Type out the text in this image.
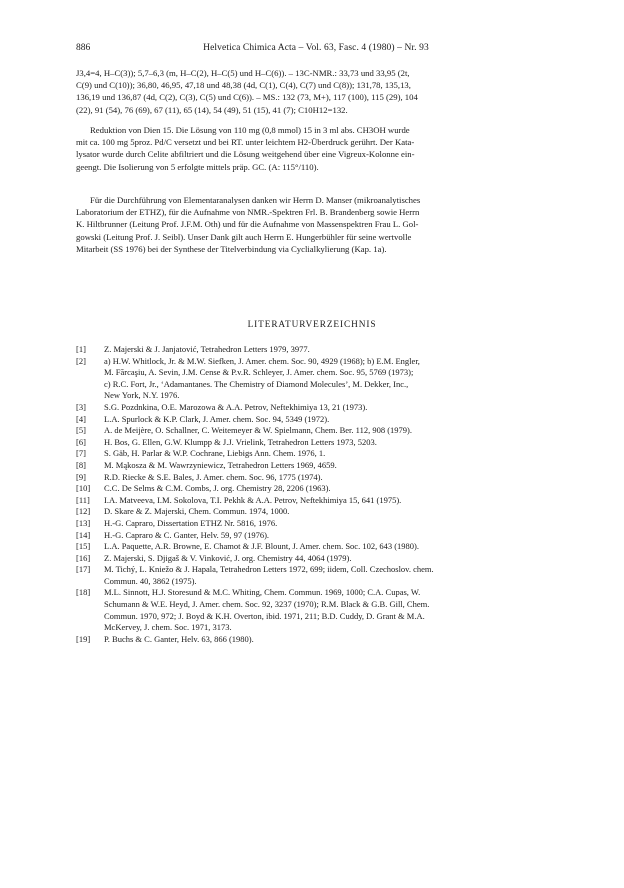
886	Helvetica Chimica Acta – Vol. 63, Fasc. 4 (1980) – Nr. 93
J3,4=4, H–C(3)); 5,7–6,3 (m, H–C(2), H–C(5) und H–C(6)). – 13C-NMR.: 33,73 und 33,95 (2t,
C(9) und C(10)); 36,80, 46,95, 47,18 und 48,38 (4d, C(1), C(4), C(7) und C(8)); 131,78, 135,13,
136,19 und 136,87 (4d, C(2), C(3), C(5) und C(6)). – MS.: 132 (73, M+), 117 (100), 115 (29), 104
(22), 91 (54), 76 (69), 67 (11), 65 (14), 54 (49), 51 (15), 41 (7); C10H12=132.
Reduktion von Dien 15. Die Lösung von 110 mg (0,8 mmol) 15 in 3 ml abs. CH3OH wurde
mit ca. 100 mg 5proz. Pd/C versetzt und bei RT. unter leichtem H2-Überdruck gerührt. Der Kata-
lysator wurde durch Celite abfiltriert und die Lösung weitgehend über eine Vigreux-Kolonne ein-
geengt. Die Isolierung von 5 erfolgte mittels präp. GC. (A: 115°/110).
Für die Durchführung von Elementaranalysen danken wir Herrn D. Manser (mikroanalytisches
Laboratorium der ETHZ), für die Aufnahme von NMR.-Spektren Frl. B. Brandenberg sowie Herrn
K. Hiltbrunner (Leitung Prof. J.F.M. Oth) und für die Aufnahme von Massenspektren Frau L. Gol-
gowski (Leitung Prof. J. Seibl). Unser Dank gilt auch Herrn E. Hungerbühler für seine wertvolle
Mitarbeit (SS 1976) bei der Synthese der Titelverbindung via Cyclialkylierung (Kap. 1a).
LITERATURVERZEICHNIS
[1] Z. Majerski & J. Janjatović, Tetrahedron Letters 1979, 3977.
[2] a) H.W. Whitlock, Jr. & M.W. Siefken, J. Amer. chem. Soc. 90, 4929 (1968); b) E.M. Engler,
M. Fărcaşiu, A. Sevin, J.M. Cense & P.v.R. Schleyer, J. Amer. chem. Soc. 95, 5769 (1973);
c) R.C. Fort, Jr., ‘Adamantanes. The Chemistry of Diamond Molecules’, M. Dekker, Inc.,
New York, N.Y. 1976.
[3] S.G. Pozdnkina, O.E. Marozowa & A.A. Petrov, Neftekhimiya 13, 21 (1973).
[4] L.A. Spurlock & K.P. Clark, J. Amer. chem. Soc. 94, 5349 (1972).
[5] A. de Meijère, O. Schallner, C. Weitemeyer & W. Spielmann, Chem. Ber. 112, 908 (1979).
[6] H. Bos, G. Ellen, G.W. Klumpp & J.J. Vrielink, Tetrahedron Letters 1973, 5203.
[7] S. Gäb, H. Parlar & W.P. Cochrane, Liebigs Ann. Chem. 1976, 1.
[8] M. Mąkosza & M. Wawrzyniewicz, Tetrahedron Letters 1969, 4659.
[9] R.D. Riecke & S.E. Bales, J. Amer. chem. Soc. 96, 1775 (1974).
[10] C.C. De Selms & C.M. Combs, J. org. Chemistry 28, 2206 (1963).
[11] I.A. Matveeva, I.M. Sokolova, T.I. Pekhk & A.A. Petrov, Neftekhimiya 15, 641 (1975).
[12] D. Skare & Z. Majerski, Chem. Commun. 1974, 1000.
[13] H.-G. Capraro, Dissertation ETHZ Nr. 5816, 1976.
[14] H.-G. Capraro & C. Ganter, Helv. 59, 97 (1976).
[15] L.A. Paquette, A.R. Browne, E. Chamot & J.F. Blount, J. Amer. chem. Soc. 102, 643 (1980).
[16] Z. Majerski, S. Djigaš & V. Vinković, J. org. Chemistry 44, 4064 (1979).
[17] M. Tichý, L. Kniežo & J. Hapala, Tetrahedron Letters 1972, 699; iidem, Coll. Czechoslov. chem.
Commun. 40, 3862 (1975).
[18] M.L. Sinnott, H.J. Storesund & M.C. Whiting, Chem. Commun. 1969, 1000; C.A. Cupas, W.
Schumann & W.E. Heyd, J. Amer. chem. Soc. 92, 3237 (1970); R.M. Black & G.B. Gill, Chem.
Commun. 1970, 972; J. Boyd & K.H. Overton, ibid. 1971, 211; B.D. Cuddy, D. Grant & M.A.
McKervey, J. chem. Soc. 1971, 3173.
[19] P. Buchs & C. Ganter, Helv. 63, 866 (1980).
